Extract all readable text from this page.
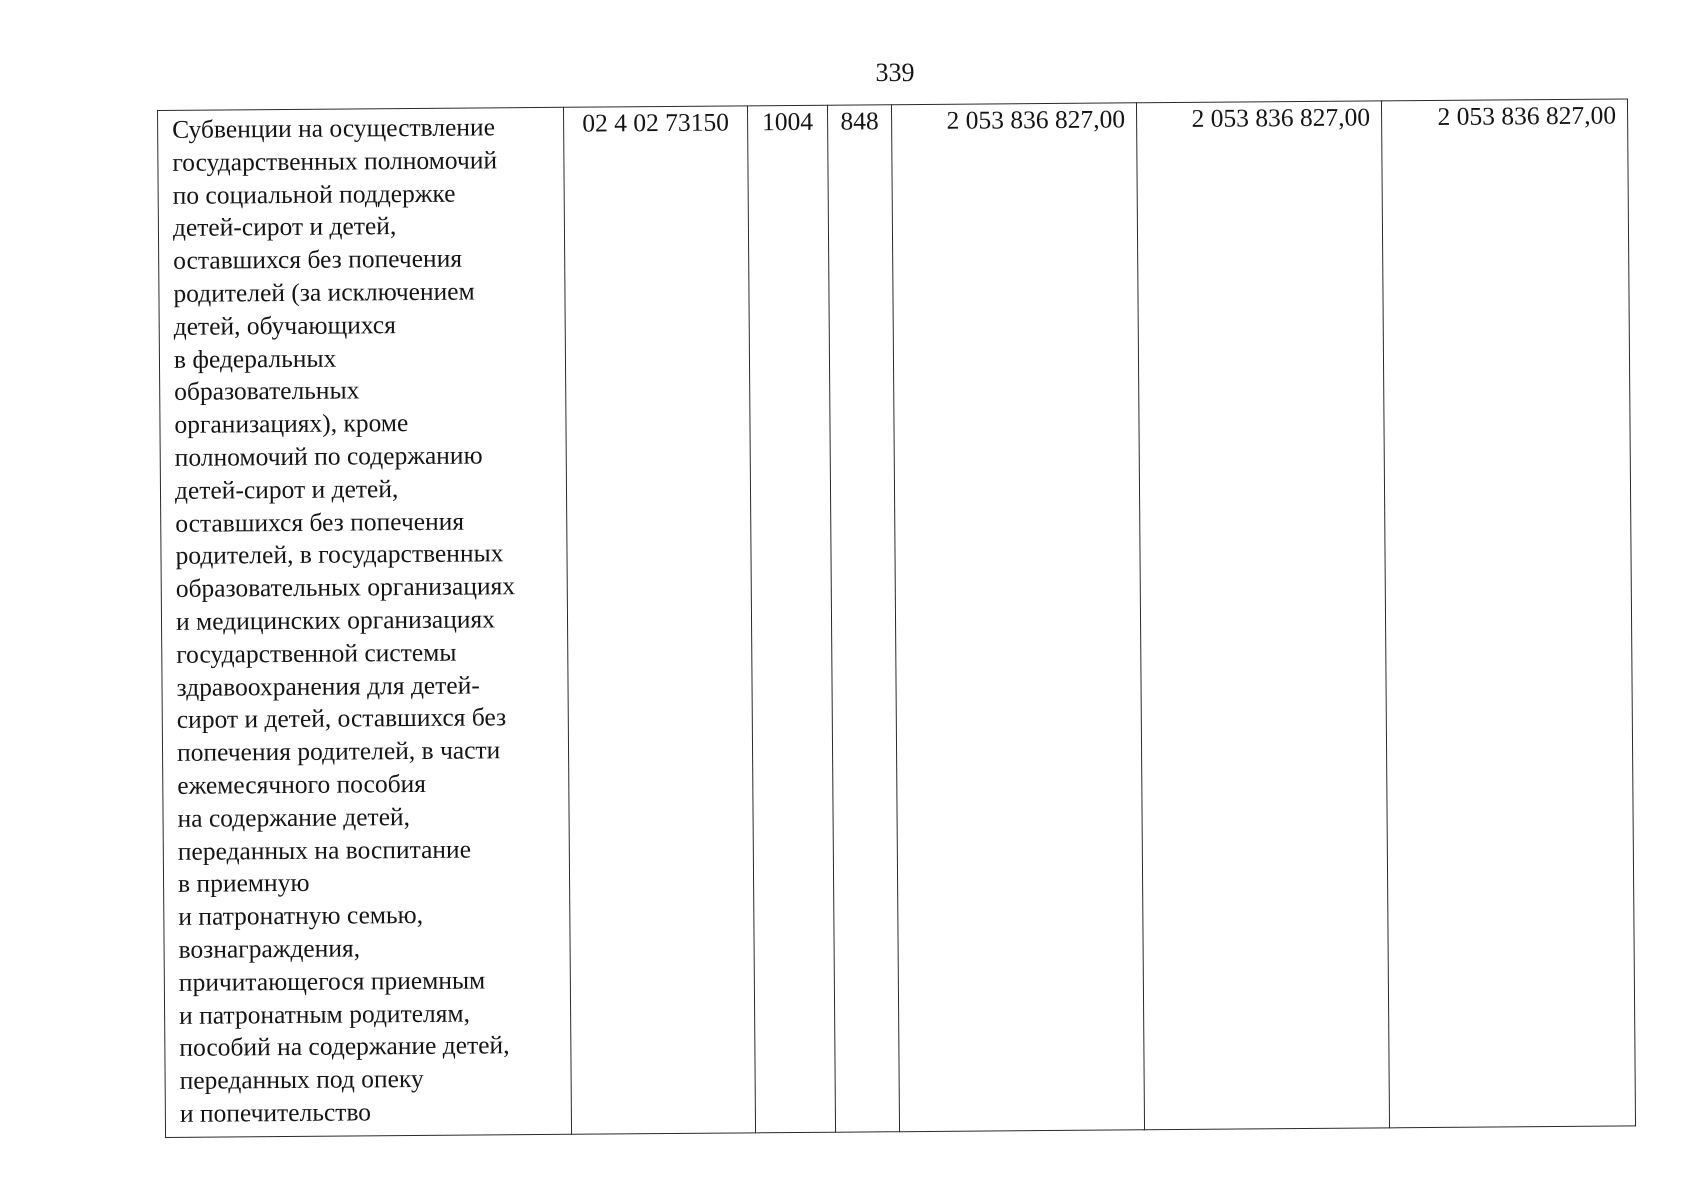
339
Субвенции на осуществление
государственных полномочий
по социальной поддержке
детей-сирот и детей,
оставшихся без попечения
родителей (за исключением
детей, обучающихся
в федеральных
образовательных
организациях), кроме
полномочий по содержанию
детей-сирот и детей,
оставшихся без попечения
родителей, в государственных
образовательных организациях
и медицинских организациях
государственной системы
здравоохранения для детей-
сирот и детей, оставшихся без
попечения родителей, в части
ежемесячного пособия
на содержание детей,
переданных на воспитание
в приемную
и патронатную семью,
вознаграждения,
причитающегося приемным
и патронатным родителям,
пособий на содержание детей,
переданных под опеку
и попечительство
	02 4 02 73150	1004	848	2 053 836 827,00	2 053 836 827,00	2 053 836 827,00
